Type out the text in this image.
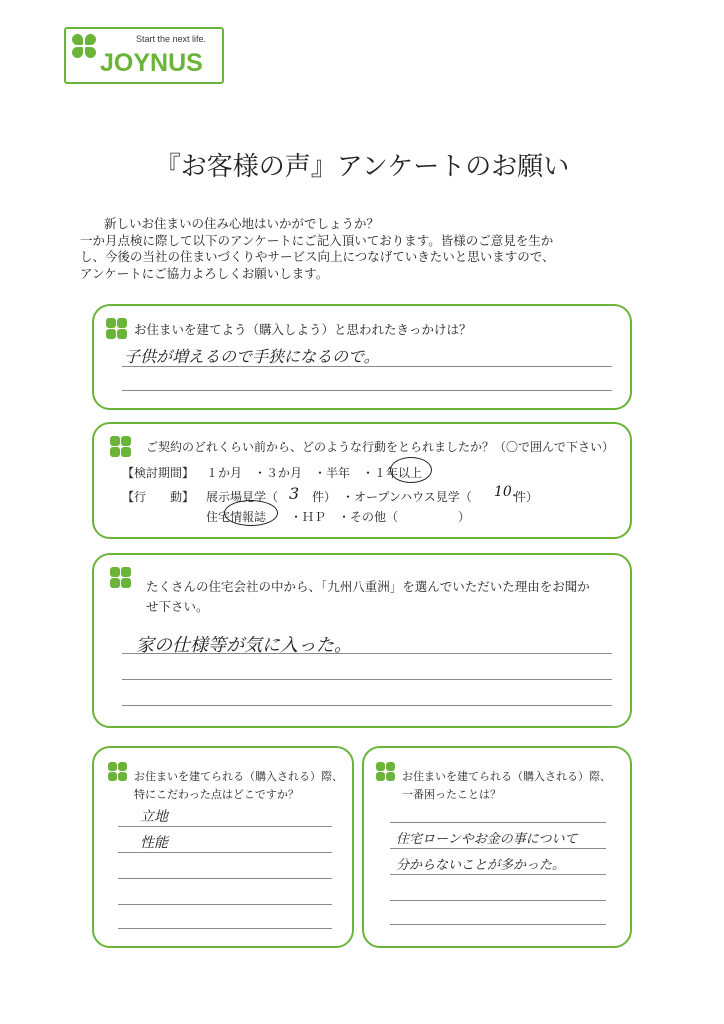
Start the next life.
JOYNUS
『お客様の声』アンケートのお願い

新しいお住まいの住み心地はいかがでしょうか？

一か月点検に際して以下のアンケートにご記入頂いております。皆様のご意見を生か

し、今後の当社の住まいづくりやサービス向上につなげていきたいと思いますので、

アンケートにご協力よろしくお願いします。

お住まいを建てよう（購入しよう）と思われたきっかけは？
子供が増えるので手狭になるので。
ご契約のどれくらい前から、どのような行動をとられましたか？（〇で囲んで下さい）
【検討期間】 １か月　・３か月　・半年　・１年以上
【行　　動】 展示場見学（ 3 件）　・オープンハウス見学（ 10.
件）
住宅情報誌　　・ＨＰ　・その他（　　　　　）
たくさんの住宅会社の中から、「九州八重洲」を選んでいただいた理由をお聞か
せ下さい。
家の仕様等が気に入った。
お住まいを建てられる（購入される）際、
特にこだわった点はどこですか？
立地
性能
お住まいを建てられる（購入される）際、
一番困ったことは？
住宅ローンやお金の事について
分からないことが多かった。
